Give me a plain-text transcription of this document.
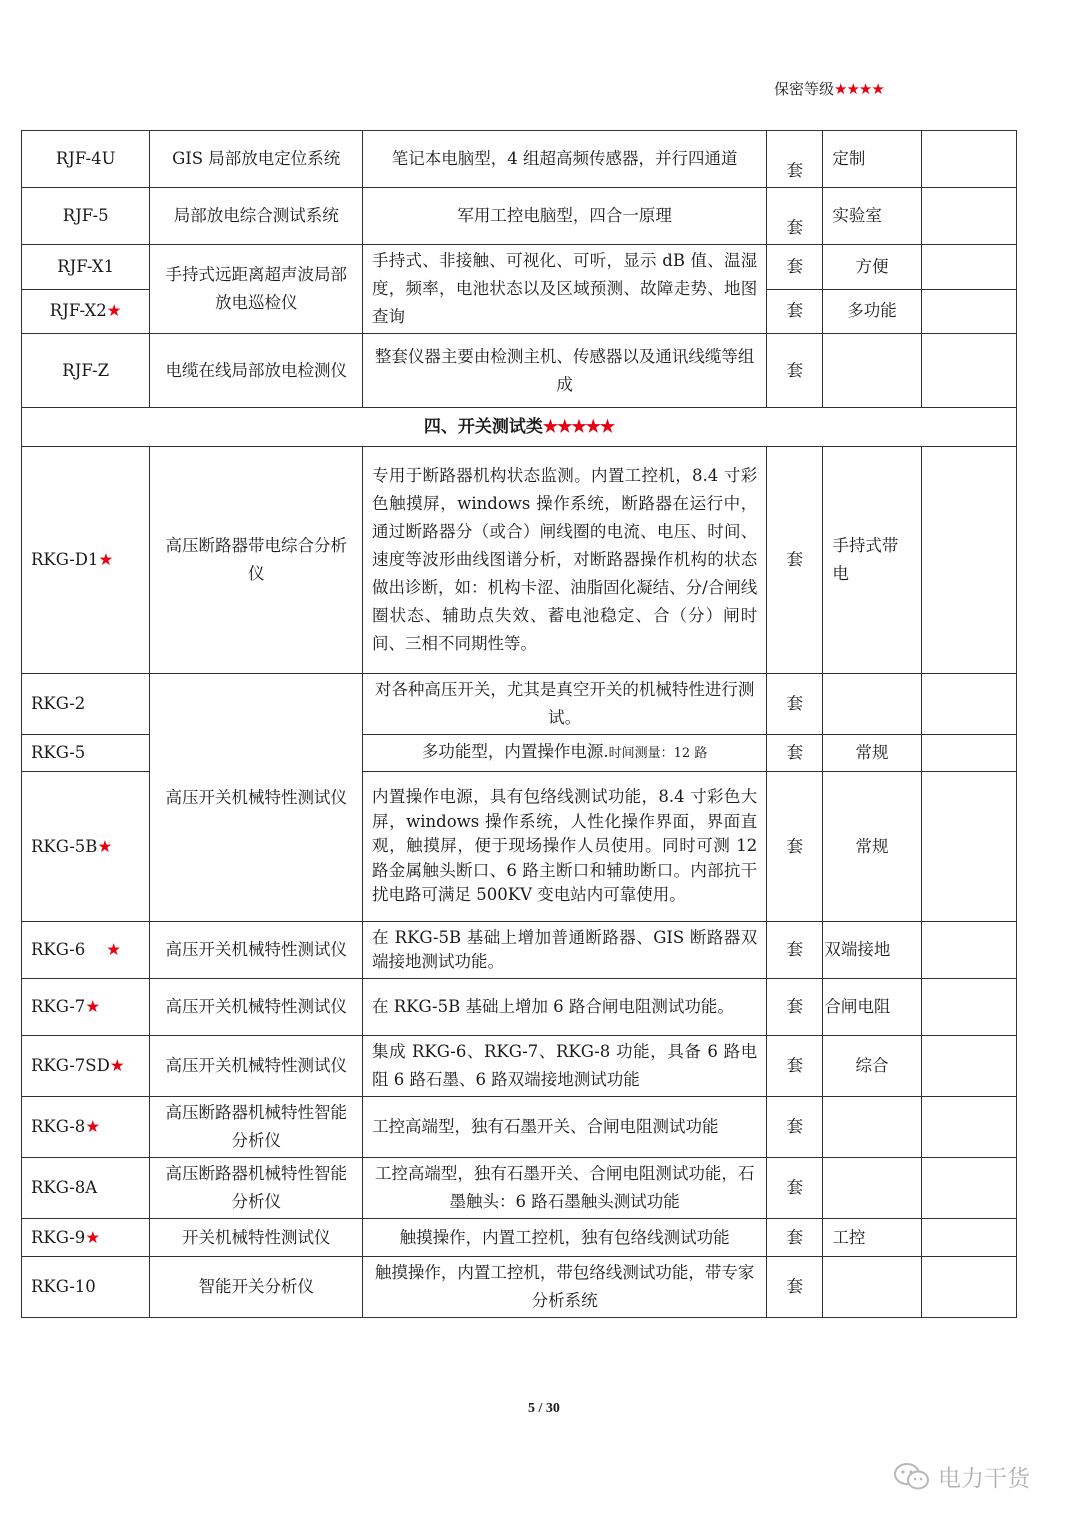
保密等级★★★★
RJF-4U	GIS 局部放电定位系统	笔记本电脑型，4 组超高频传感器，并行四通道	套	定制	
RJF-5	局部放电综合测试系统	军用工控电脑型，四合一原理	套	实验室	
RJF-X1	手持式远距离超声波局部放电巡检仪	手持式、非接触、可视化、可听，显示 dB 值、温湿度，频率，电池状态以及区域预测、故障走势、地图查询	套	方便	
RJF-X2★			套	多功能	
RJF-Z	电缆在线局部放电检测仪	整套仪器主要由检测主机、传感器以及通讯线缆等组成	套		
四、开关测试类★★★★★					
RKG-D1★	高压断路器带电综合分析仪	专用于断路器机构状态监测。内置工控机，8.4 寸彩色触摸屏，windows 操作系统，断路器在运行中，通过断路器分（或合）闸线圈的电流、电压、时间、速度等波形曲线图谱分析，对断路器操作机构的状态做出诊断，如：机构卡涩、油脂固化凝结、分/合闸线圈状态、辅助点失效、蓄电池稳定、合（分）闸时间、三相不同期性等。	套	手持式带电	
RKG-2	高压开关机械特性测试仪	对各种高压开关，尤其是真空开关的机械特性进行测试。	套		
RKG-5		多功能型，内置操作电源.时间测量：12 路	套	常规	
RKG-5B★		内置操作电源，具有包络线测试功能，8.4 寸彩色大屏，windows 操作系统，人性化操作界面，界面直观，触摸屏，便于现场操作人员使用。同时可测 12 路金属触头断口、6 路主断口和辅助断口。内部抗干扰电路可满足 500KV 变电站内可靠使用。	套	常规	
RKG-6 ★	高压开关机械特性测试仪	在 RKG-5B 基础上增加普通断路器、GIS 断路器双端接地测试功能。	套	双端接地	
RKG-7★	高压开关机械特性测试仪	在 RKG-5B 基础上增加 6 路合闸电阻测试功能。	套	合闸电阻	
RKG-7SD★	高压开关机械特性测试仪	集成 RKG-6、RKG-7、RKG-8 功能，具备 6 路电阻 6 路石墨、6 路双端接地测试功能	套	综合	
RKG-8★	高压断路器机械特性智能分析仪	工控高端型，独有石墨开关、合闸电阻测试功能	套		
RKG-8A	高压断路器机械特性智能分析仪	工控高端型，独有石墨开关、合闸电阻测试功能，石墨触头：6 路石墨触头测试功能	套		
RKG-9★	开关机械特性测试仪	触摸操作，内置工控机，独有包络线测试功能	套	工控	
RKG-10	智能开关分析仪	触摸操作，内置工控机，带包络线测试功能，带专家分析系统	套		
5 / 30
电力干货
